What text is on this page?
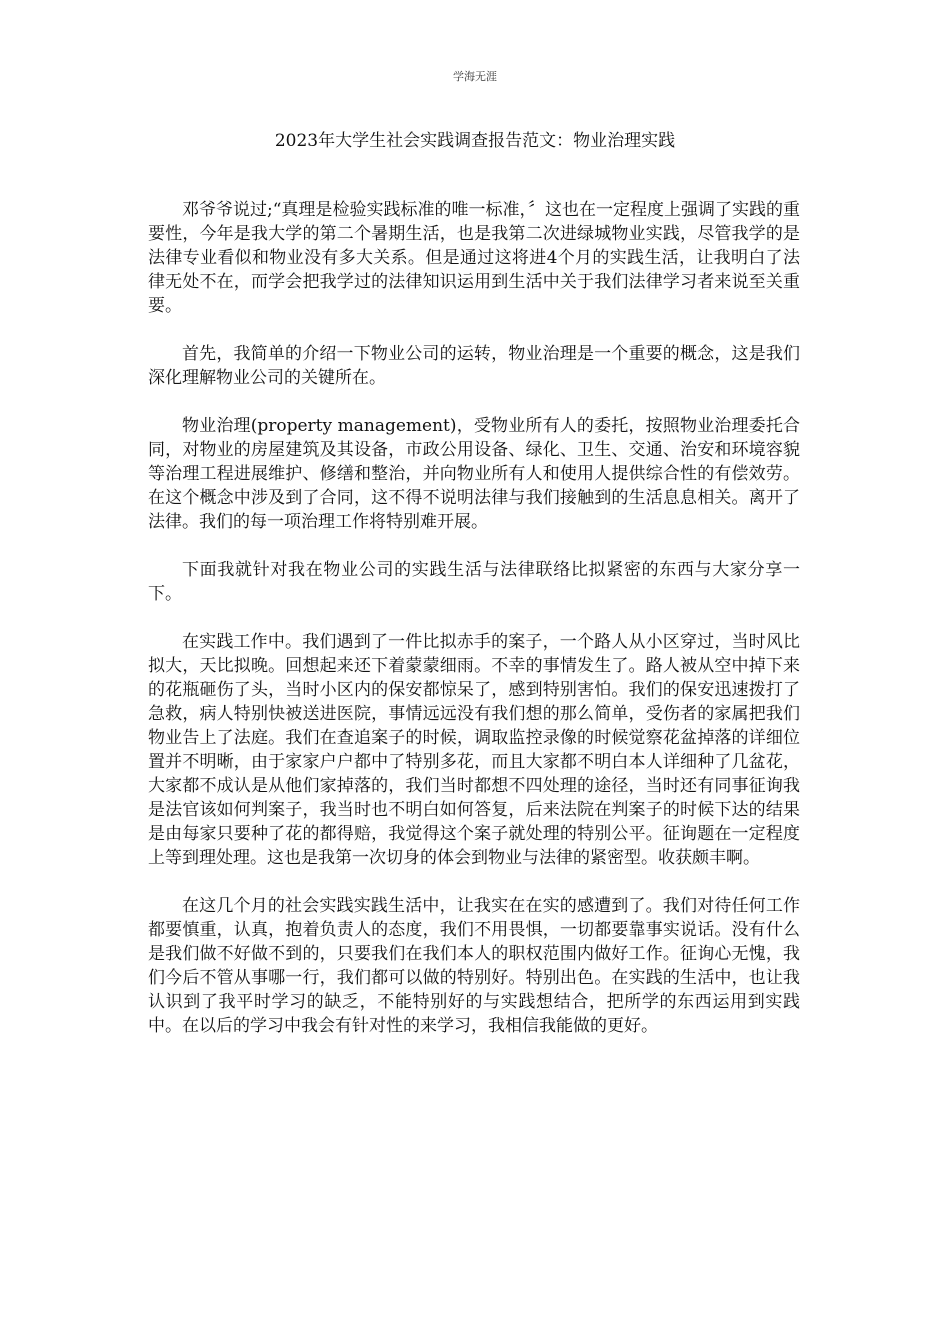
学海无涯
2023年大学生社会实践调查报告范文：物业治理实践

邓爷爷说过;“真理是检验实践标准的唯一标准，〞这也在一定程度上强调了实践的重要性，今年是我大学的第二个暑期生活，也是我第二次进绿城物业实践，尽管我学的是法律专业看似和物业没有多大关系。但是通过这将进4个月的实践生活，让我明白了法律无处不在，而学会把我学过的法律知识运用到生活中关于我们法律学习者来说至关重要。

首先，我简单的介绍一下物业公司的运转，物业治理是一个重要的概念，这是我们深化理解物业公司的关键所在。

物业治理(property management)，受物业所有人的委托，按照物业治理委托合同，对物业的房屋建筑及其设备，市政公用设备、绿化、卫生、交通、治安和环境容貌等治理工程进展维护、修缮和整治，并向物业所有人和使用人提供综合性的有偿效劳。在这个概念中涉及到了合同，这不得不说明法律与我们接触到的生活息息相关。离开了法律。我们的每一项治理工作将特别难开展。

下面我就针对我在物业公司的实践生活与法律联络比拟紧密的东西与大家分享一下。

在实践工作中。我们遇到了一件比拟赤手的案子，一个路人从小区穿过，当时风比拟大，天比拟晚。回想起来还下着蒙蒙细雨。不幸的事情发生了。路人被从空中掉下来的花瓶砸伤了头，当时小区内的保安都惊呆了，感到特别害怕。我们的保安迅速拨打了急救，病人特别快被送进医院，事情远远没有我们想的那么简单，受伤者的家属把我们物业告上了法庭。我们在查追案子的时候，调取监控录像的时候觉察花盆掉落的详细位置并不明晰，由于家家户户都中了特别多花，而且大家都不明白本人详细种了几盆花，大家都不成认是从他们家掉落的，我们当时都想不四处理的途径，当时还有同事征询我是法官该如何判案子，我当时也不明白如何答复，后来法院在判案子的时候下达的结果是由每家只要种了花的都得赔，我觉得这个案子就处理的特别公平。征询题在一定程度上等到理处理。这也是我第一次切身的体会到物业与法律的紧密型。收获颇丰啊。

在这几个月的社会实践实践生活中，让我实在在实的感遭到了。我们对待任何工作都要慎重，认真，抱着负责人的态度，我们不用畏惧，一切都要靠事实说话。没有什么是我们做不好做不到的，只要我们在我们本人的职权范围内做好工作。征询心无愧，我们今后不管从事哪一行，我们都可以做的特别好。特别出色。在实践的生活中，也让我认识到了我平时学习的缺乏，不能特别好的与实践想结合，把所学的东西运用到实践中。在以后的学习中我会有针对性的来学习，我相信我能做的更好。
